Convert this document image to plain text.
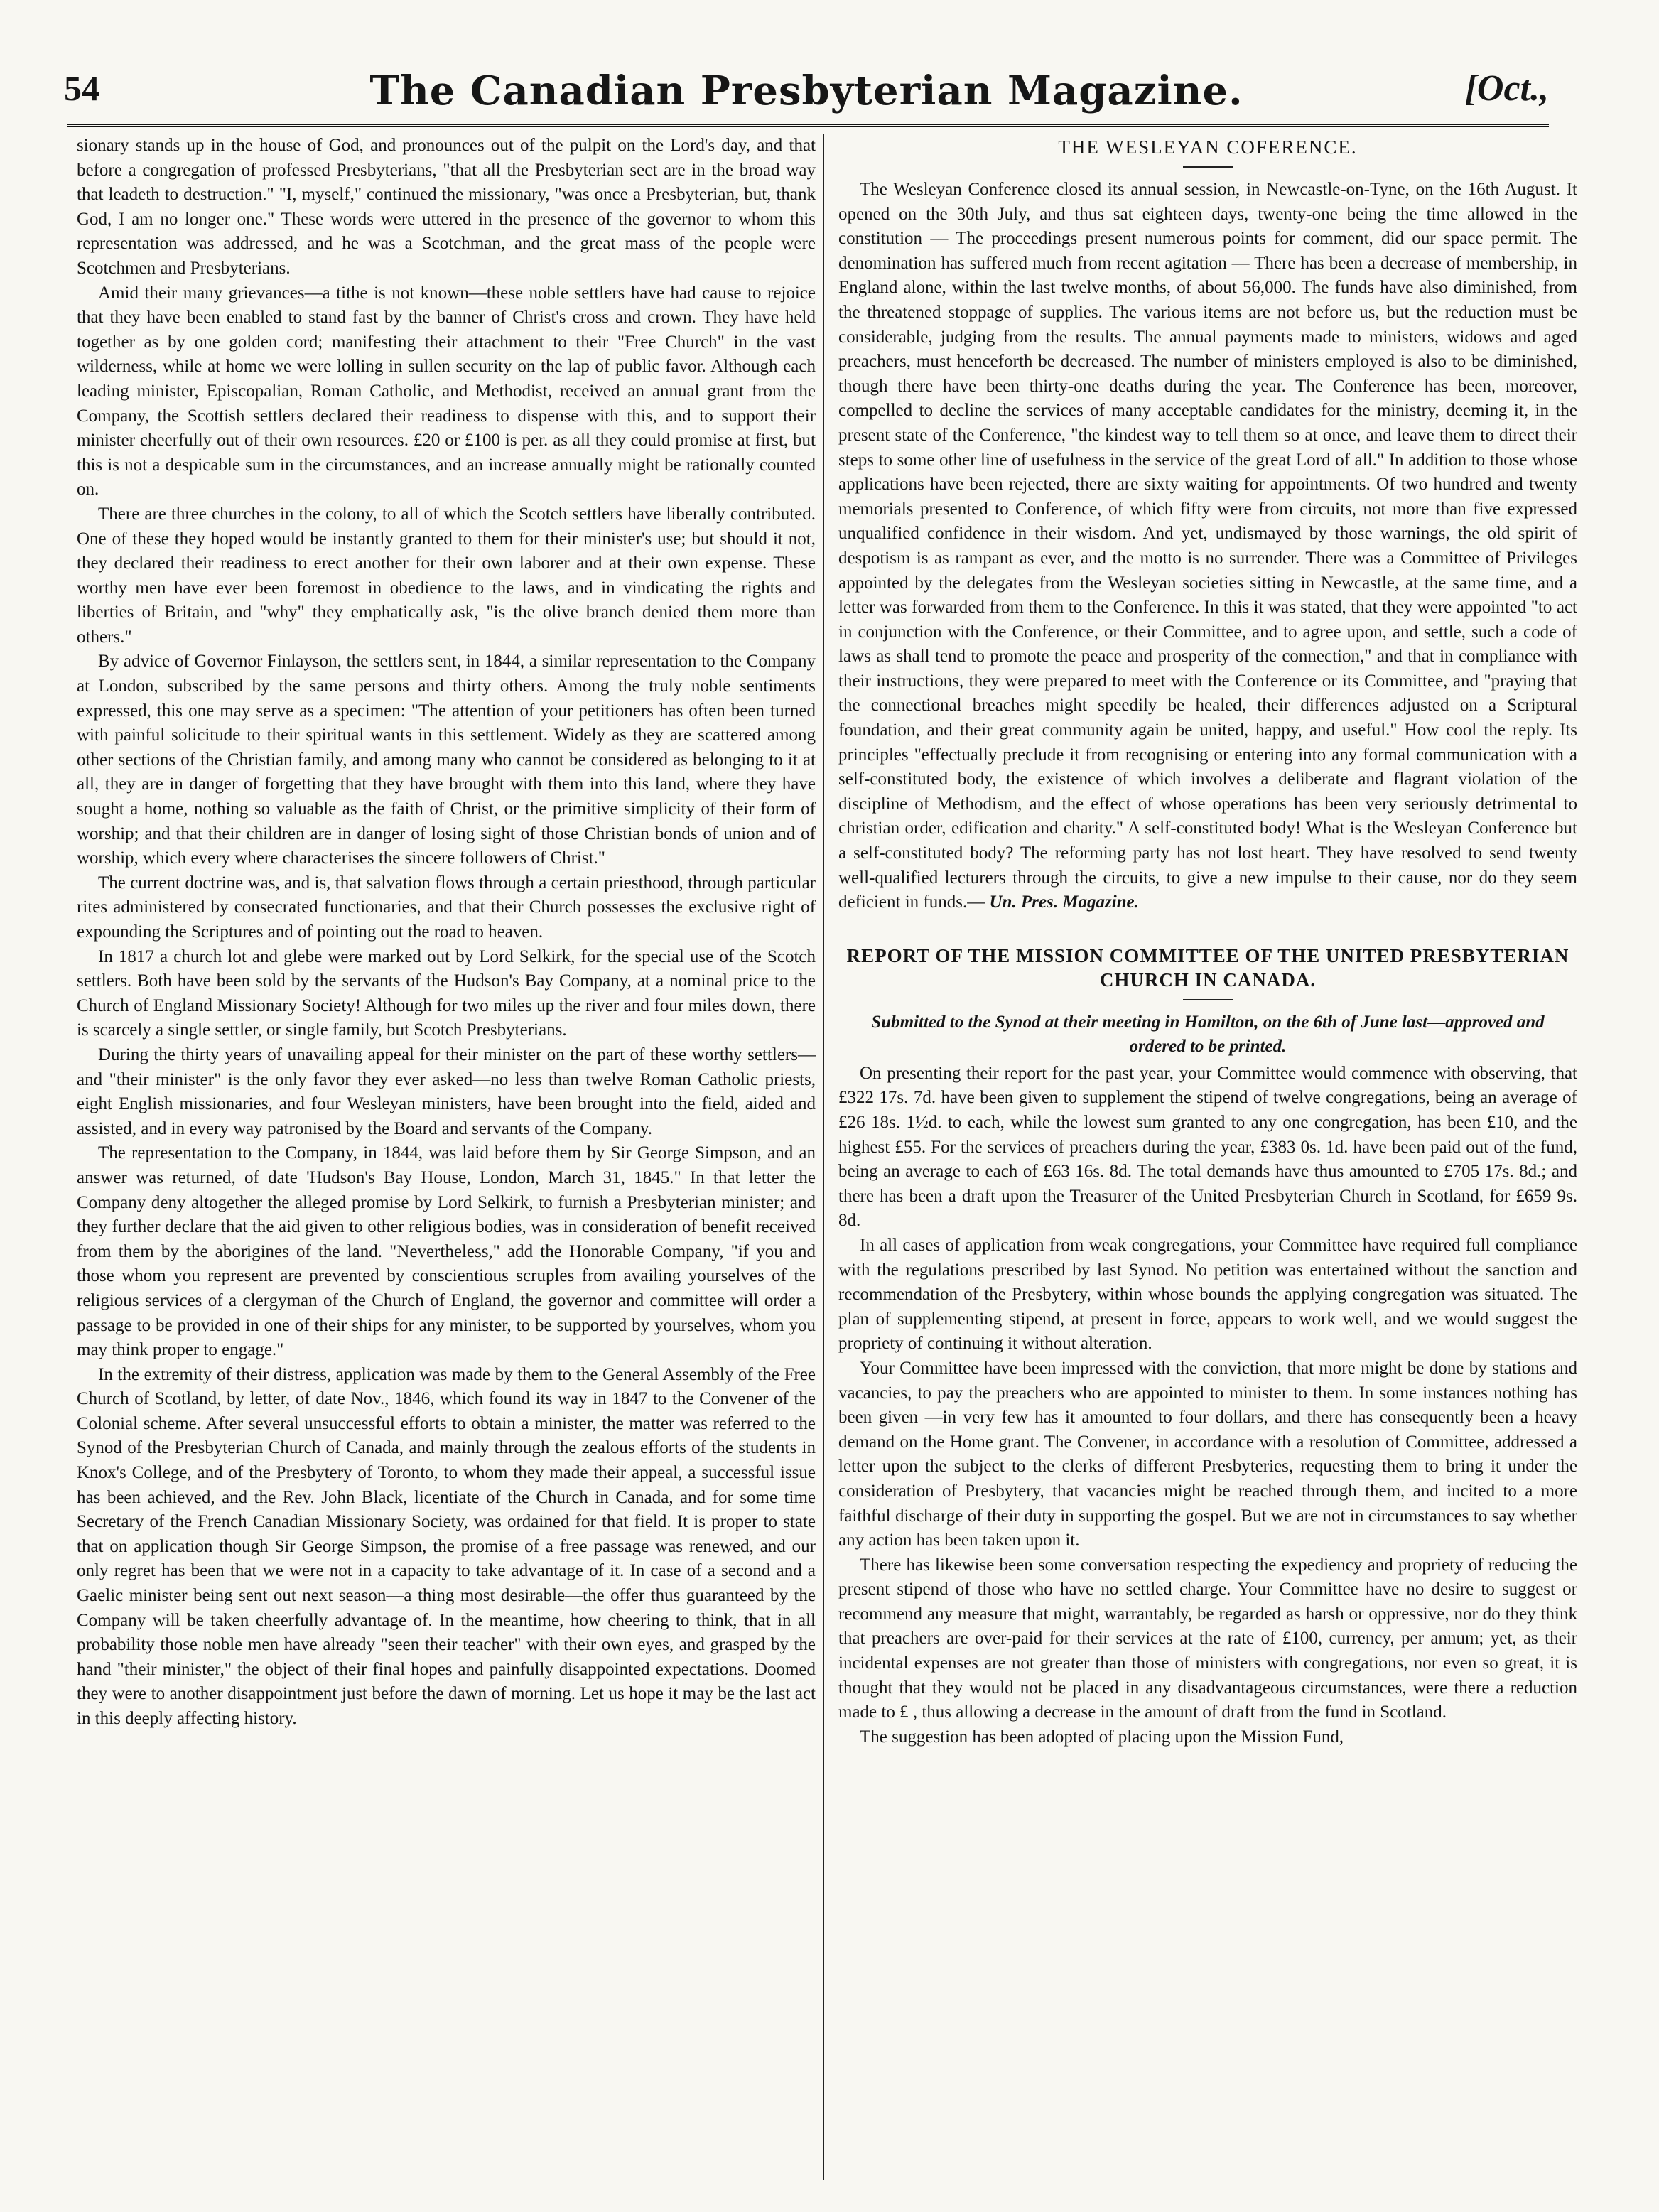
54	The Canadian Presbyterian Magazine.	[Oct.,

sionary stands up in the house of God, and pronounces out of the pulpit on the Lord's day, and that before a congregation of professed Presbyterians, "that all the Presbyterian sect are in the broad way that leadeth to destruction." "I, myself," continued the missionary, "was once a Presbyterian, but, thank God, I am no longer one." These words were uttered in the presence of the governor to whom this representation was addressed, and he was a Scotchman, and the great mass of the people were Scotchmen and Presbyterians.

Amid their many grievances—a tithe is not known—these noble settlers have had cause to rejoice that they have been enabled to stand fast by the banner of Christ's cross and crown. They have held together as by one golden cord; manifesting their attachment to their "Free Church" in the vast wilderness, while at home we were lolling in sullen security on the lap of public favor. Although each leading minister, Episcopalian, Roman Catholic, and Methodist, received an annual grant from the Company, the Scottish settlers declared their readiness to dispense with this, and to support their minister cheerfully out of their own resources. £20 or £100 is per. as all they could promise at first, but this is not a despicable sum in the circumstances, and an increase annually might be rationally counted on.

There are three churches in the colony, to all of which the Scotch settlers have liberally contributed. One of these they hoped would be instantly granted to them for their minister's use; but should it not, they declared their readiness to erect another for their own laborer and at their own expense. These worthy men have ever been foremost in obedience to the laws, and in vindicating the rights and liberties of Britain, and "why" they emphatically ask, "is the olive branch denied them more than others."

By advice of Governor Finlayson, the settlers sent, in 1844, a similar representation to the Company at London, subscribed by the same persons and thirty others. Among the truly noble sentiments expressed, this one may serve as a specimen: "The attention of your petitioners has often been turned with painful solicitude to their spiritual wants in this settlement. Widely as they are scattered among other sections of the Christian family, and among many who cannot be considered as belonging to it at all, they are in danger of forgetting that they have brought with them into this land, where they have sought a home, nothing so valuable as the faith of Christ, or the primitive simplicity of their form of worship; and that their children are in danger of losing sight of those Christian bonds of union and of worship, which every where characterises the sincere followers of Christ."

The current doctrine was, and is, that salvation flows through a certain priesthood, through particular rites administered by consecrated functionaries, and that their Church possesses the exclusive right of expounding the Scriptures and of pointing out the road to heaven.

In 1817 a church lot and glebe were marked out by Lord Selkirk, for the special use of the Scotch settlers. Both have been sold by the servants of the Hudson's Bay Company, at a nominal price to the Church of England Missionary Society! Although for two miles up the river and four miles down, there is scarcely a single settler, or single family, but Scotch Presbyterians.

During the thirty years of unavailing appeal for their minister on the part of these worthy settlers—and "their minister" is the only favor they ever asked—no less than twelve Roman Catholic priests, eight English missionaries, and four Wesleyan ministers, have been brought into the field, aided and assisted, and in every way patronised by the Board and servants of the Company.

The representation to the Company, in 1844, was laid before them by Sir George Simpson, and an answer was returned, of date 'Hudson's Bay House, London, March 31, 1845." In that letter the Company deny altogether the alleged promise by Lord Selkirk, to furnish a Presbyterian minister; and they further declare that the aid given to other religious bodies, was in consideration of benefit received from them by the aborigines of the land. "Nevertheless," add the Honorable Company, "if you and those whom you represent are prevented by conscientious scruples from availing yourselves of the religious services of a clergyman of the Church of England, the governor and committee will order a passage to be provided in one of their ships for any minister, to be supported by yourselves, whom you may think proper to engage."

In the extremity of their distress, application was made by them to the General Assembly of the Free Church of Scotland, by letter, of date Nov., 1846, which found its way in 1847 to the Convener of the Colonial scheme. After several unsuccessful efforts to obtain a minister, the matter was referred to the Synod of the Presbyterian Church of Canada, and mainly through the zealous efforts of the students in Knox's College, and of the Presbytery of Toronto, to whom they made their appeal, a successful issue has been achieved, and the Rev. John Black, licentiate of the Church in Canada, and for some time Secretary of the French Canadian Missionary Society, was ordained for that field. It is proper to state that on application though Sir George Simpson, the promise of a free passage was renewed, and our only regret has been that we were not in a capacity to take advantage of it. In case of a second and a Gaelic minister being sent out next season—a thing most desirable—the offer thus guaranteed by the Company will be taken cheerfully advantage of. In the meantime, how cheering to think, that in all probability those noble men have already "seen their teacher" with their own eyes, and grasped by the hand "their minister," the object of their final hopes and painfully disappointed expectations. Doomed they were to another disappointment just before the dawn of morning. Let us hope it may be the last act in this deeply affecting history.

THE WESLEYAN COFERENCE.

The Wesleyan Conference closed its annual session, in Newcastle-on-Tyne, on the 16th August. It opened on the 30th July, and thus sat eighteen days, twenty-one being the time allowed in the constitution — The proceedings present numerous points for comment, did our space permit. The denomination has suffered much from recent agitation — There has been a decrease of membership, in England alone, within the last twelve months, of about 56,000. The funds have also diminished, from the threatened stoppage of supplies. The various items are not before us, but the reduction must be considerable, judging from the results. The annual payments made to ministers, widows and aged preachers, must henceforth be decreased. The number of ministers employed is also to be diminished, though there have been thirty-one deaths during the year. The Conference has been, moreover, compelled to decline the services of many acceptable candidates for the ministry, deeming it, in the present state of the Conference, "the kindest way to tell them so at once, and leave them to direct their steps to some other line of usefulness in the service of the great Lord of all." In addition to those whose applications have been rejected, there are sixty waiting for appointments. Of two hundred and twenty memorials presented to Conference, of which fifty were from circuits, not more than five expressed unqualified confidence in their wisdom. And yet, undismayed by those warnings, the old spirit of despotism is as rampant as ever, and the motto is no surrender. There was a Committee of Privileges appointed by the delegates from the Wesleyan societies sitting in Newcastle, at the same time, and a letter was forwarded from them to the Conference. In this it was stated, that they were appointed "to act in conjunction with the Conference, or their Committee, and to agree upon, and settle, such a code of laws as shall tend to promote the peace and prosperity of the connection," and that in compliance with their instructions, they were prepared to meet with the Conference or its Committee, and "praying that the connectional breaches might speedily be healed, their differences adjusted on a Scriptural foundation, and their great community again be united, happy, and useful." How cool the reply. Its principles "effectually preclude it from recognising or entering into any formal communication with a self-constituted body, the existence of which involves a deliberate and flagrant violation of the discipline of Methodism, and the effect of whose operations has been very seriously detrimental to christian order, edification and charity." A self-constituted body! What is the Wesleyan Conference but a self-constituted body? The reforming party has not lost heart. They have resolved to send twenty well-qualified lecturers through the circuits, to give a new impulse to their cause, nor do they seem deficient in funds.— Un. Pres. Magazine.

REPORT OF THE MISSION COMMITTEE OF THE UNITED PRESBYTERIAN CHURCH IN CANADA.
Submitted to the Synod at their meeting in Hamilton, on the 6th of June last—approved and ordered to be printed.

On presenting their report for the past year, your Committee would commence with observing, that £322 17s. 7d. have been given to supplement the stipend of twelve congregations, being an average of £26 18s. 1½d. to each, while the lowest sum granted to any one congregation, has been £10, and the highest £55. For the services of preachers during the year, £383 0s. 1d. have been paid out of the fund, being an average to each of £63 16s. 8d. The total demands have thus amounted to £705 17s. 8d.; and there has been a draft upon the Treasurer of the United Presbyterian Church in Scotland, for £659 9s. 8d.

In all cases of application from weak congregations, your Committee have required full compliance with the regulations prescribed by last Synod. No petition was entertained without the sanction and recommendation of the Presbytery, within whose bounds the applying congregation was situated. The plan of supplementing stipend, at present in force, appears to work well, and we would suggest the propriety of continuing it without alteration.

Your Committee have been impressed with the conviction, that more might be done by stations and vacancies, to pay the preachers who are appointed to minister to them. In some instances nothing has been given —in very few has it amounted to four dollars, and there has consequently been a heavy demand on the Home grant. The Convener, in accordance with a resolution of Committee, addressed a letter upon the subject to the clerks of different Presbyteries, requesting them to bring it under the consideration of Presbytery, that vacancies might be reached through them, and incited to a more faithful discharge of their duty in supporting the gospel. But we are not in circumstances to say whether any action has been taken upon it.

There has likewise been some conversation respecting the expediency and propriety of reducing the present stipend of those who have no settled charge. Your Committee have no desire to suggest or recommend any measure that might, warrantably, be regarded as harsh or oppressive, nor do they think that preachers are over-paid for their services at the rate of £100, currency, per annum; yet, as their incidental expenses are not greater than those of ministers with congregations, nor even so great, it is thought that they would not be placed in any disadvantageous circumstances, were there a reduction made to £ , thus allowing a decrease in the amount of draft from the fund in Scotland.

The suggestion has been adopted of placing upon the Mission Fund,
